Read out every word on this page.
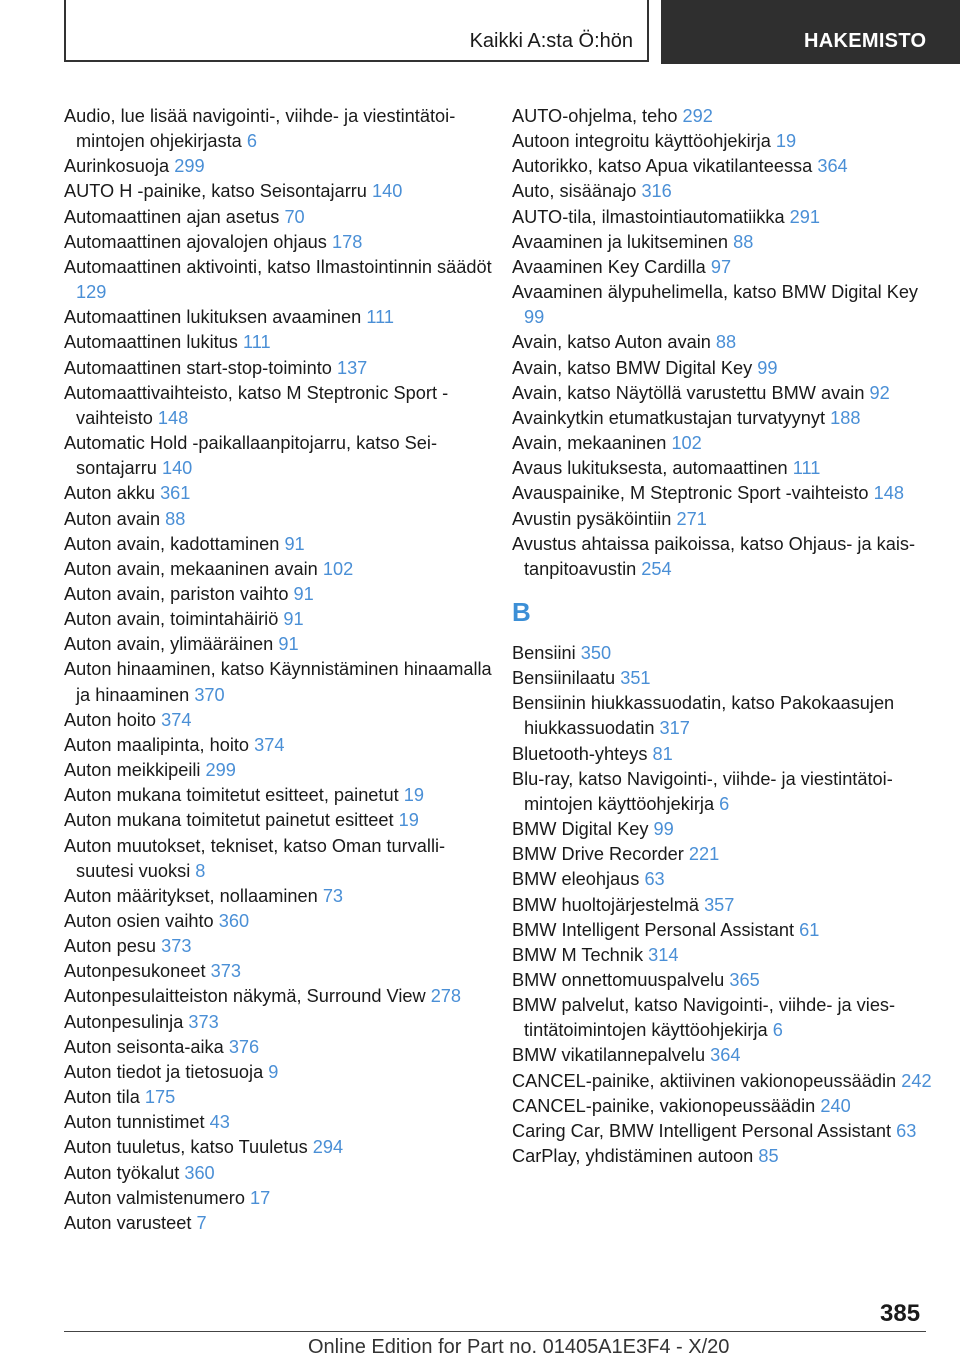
Kaikki A:sta Ö:hön	HAKEMISTO
Audio, lue lisää navigointi-, viihde- ja viestintätoimintojen ohjekirjasta 6
Aurinkosuoja 299
AUTO H -painike, katso Seisontajarru 140
Automaattinen ajan asetus 70
Automaattinen ajovalojen ohjaus 178
Automaattinen aktivointi, katso Ilmastointinnin säädöt 129
Automaattinen lukituksen avaaminen 111
Automaattinen lukitus 111
Automaattinen start-stop-toiminto 137
Automaattivaihteisto, katso M Steptronic Sport -vaihteisto 148
Automatic Hold -paikallaanpitojarru, katso Seisontajarru 140
Auton akku 361
Auton avain 88
Auton avain, kadottaminen 91
Auton avain, mekaaninen avain 102
Auton avain, pariston vaihto 91
Auton avain, toimintahäiriö 91
Auton avain, ylimääräinen 91
Auton hinaaminen, katso Käynnistäminen hinaamalla ja hinaaminen 370
Auton hoito 374
Auton maalipinta, hoito 374
Auton meikkipeili 299
Auton mukana toimitetut esitteet, painetut 19
Auton mukana toimitetut painetut esitteet 19
Auton muutokset, tekniset, katso Oman turvallisuutesi vuoksi 8
Auton määritykset, nollaaminen 73
Auton osien vaihto 360
Auton pesu 373
Autonpesukoneet 373
Autonpesulaitteiston näkymä, Surround View 278
Autonpesulinja 373
Auton seisonta-aika 376
Auton tiedot ja tietosuoja 9
Auton tila 175
Auton tunnistimet 43
Auton tuuletus, katso Tuuletus 294
Auton työkalut 360
Auton valmistenumero 17
Auton varusteet 7
AUTO-ohjelma, teho 292
Autoon integroitu käyttöohjekirja 19
Autorikko, katso Apua vikatilanteessa 364
Auto, sisäänajo 316
AUTO-tila, ilmastointiautomatiikka 291
Avaaminen ja lukitseminen 88
Avaaminen Key Cardilla 97
Avaaminen älypuhelimella, katso BMW Digital Key 99
Avain, katso Auton avain 88
Avain, katso BMW Digital Key 99
Avain, katso Näytöllä varustettu BMW avain 92
Avainkytkin etumatkustajan turvatyynyt 188
Avain, mekaaninen 102
Avaus lukituksesta, automaattinen 111
Avauspainike, M Steptronic Sport -vaihteisto 148
Avustin pysäköintiin 271
Avustus ahtaissa paikoissa, katso Ohjaus- ja kaistanpitoavustin 254
B
Bensiini 350
Bensiinilaatu 351
Bensiinin hiukkassuodatin, katso Pakokaasujen hiukkassuodatin 317
Bluetooth-yhteys 81
Blu-ray, katso Navigointi-, viihde- ja viestintätoimintojen käyttöohjekirja 6
BMW Digital Key 99
BMW Drive Recorder 221
BMW eleohjaus 63
BMW huoltojärjestelmä 357
BMW Intelligent Personal Assistant 61
BMW M Technik 314
BMW onnettomuuspalvelu 365
BMW palvelut, katso Navigointi-, viihde- ja viestintätoimintojen käyttöohjekirja 6
BMW vikatilannepalvelu 364
CANCEL-painike, aktiivinen vakionopeussäädin 242
CANCEL-painike, vakionopeussäädin 240
Caring Car, BMW Intelligent Personal Assistant 63
CarPlay, yhdistäminen autoon 85
385
Online Edition for Part no. 01405A1E3F4 - X/20
